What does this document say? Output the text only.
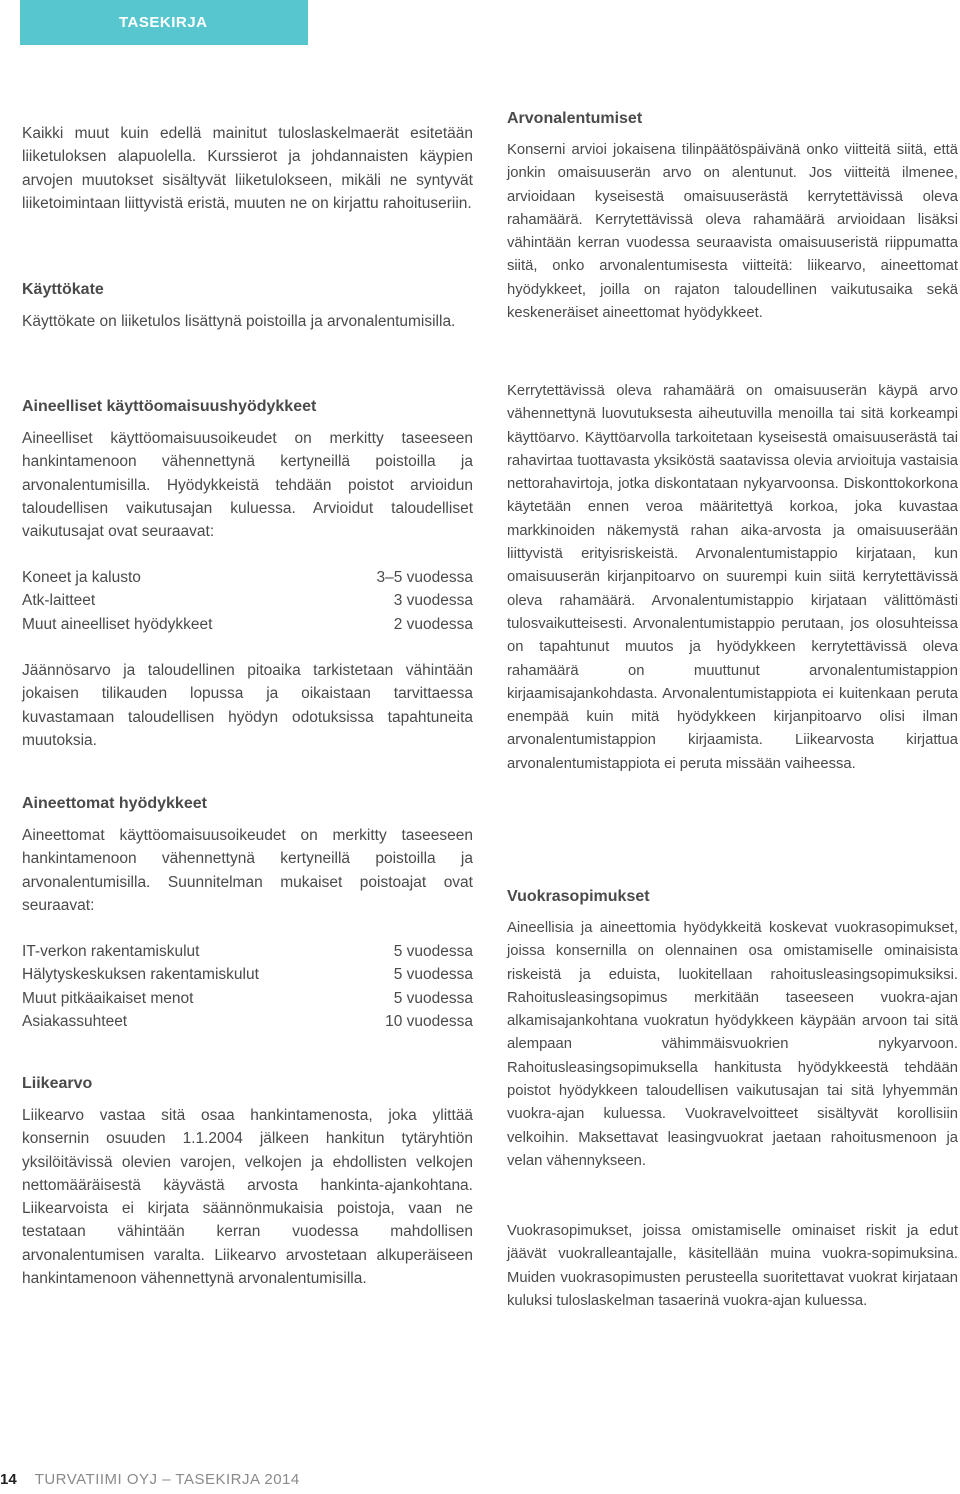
TASEKIRJA

Kaikki muut kuin edellä mainitut tuloslaskelmaerät esitetään liiketuloksen alapuolella. Kurssierot ja johdannaisten käypien arvojen muutokset sisältyvät liiketulokseen, mikäli ne syntyvät liiketoimintaan liittyvistä eristä, muuten ne on kirjattu rahoituseriin.

Käyttökate

Käyttökate on liiketulos lisättynä poistoilla ja arvonalentumisilla.

Aineelliset käyttöomaisuushyödykkeet

Aineelliset käyttöomaisuusoikeudet on merkitty taseeseen hankintamenoon vähennettynä kertyneillä poistoilla ja arvonalentumisilla. Hyödykkeistä tehdään poistot arvioidun taloudellisen vaikutusajan kuluessa. Arvioidut taloudelliset vaikutusajat ovat seuraavat:

Koneet ja kalusto	3–5 vuodessa
Atk-laitteet	3 vuodessa
Muut aineelliset hyödykkeet	2 vuodessa

Jäännösarvo ja taloudellinen pitoaika tarkistetaan vähintään jokaisen tilikauden lopussa ja oikaistaan tarvittaessa kuvastamaan taloudellisen hyödyn odotuksissa tapahtuneita muutoksia.

Aineettomat hyödykkeet

Aineettomat käyttöomaisuusoikeudet on merkitty taseeseen hankintamenoon vähennettynä kertyneillä poistoilla ja arvonalentumisilla. Suunnitelman mukaiset poistoajat ovat seuraavat:

IT-verkon rakentamiskulut	5 vuodessa
Hälytyskeskuksen rakentamiskulut	5 vuodessa
Muut pitkäaikaiset menot	5 vuodessa
Asiakassuhteet	10 vuodessa
Liikearvo

Liikearvo vastaa sitä osaa hankintamenosta, joka ylittää konsernin osuuden 1.1.2004 jälkeen hankitun tytäryhtiön yksilöitävissä olevien varojen, velkojen ja ehdollisten velkojen nettomääräisestä käyvästä arvosta hankinta-ajankohtana. Liikearvoista ei kirjata säännönmukaisia poistoja, vaan ne testataan vähintään kerran vuodessa mahdollisen arvonalentumisen varalta. Liikearvo arvostetaan alkuperäiseen hankintamenoon vähennettynä arvonalentumisilla.

Arvonalentumiset

Konserni arvioi jokaisena tilinpäätöspäivänä onko viitteitä siitä, että jonkin omaisuuserän arvo on alentunut. Jos viitteitä ilmenee, arvioidaan kyseisestä omaisuuserästä kerrytettävissä oleva rahamäärä. Kerrytettävissä oleva rahamäärä arvioidaan lisäksi vähintään kerran vuodessa seuraavista omaisuuseristä riippumatta siitä, onko arvonalentumisesta viitteitä: liikearvo, aineettomat hyödykkeet, joilla on rajaton taloudellinen vaikutusaika sekä keskeneräiset aineettomat hyödykkeet.

Kerrytettävissä oleva rahamäärä on omaisuuserän käypä arvo vähennettynä luovutuksesta aiheutuvilla menoilla tai sitä korkeampi käyttöarvo. Käyttöarvolla tarkoitetaan kyseisestä omaisuuserästä tai rahavirtaa tuottavasta yksiköstä saatavissa olevia arvioituja vastaisia nettorahavirtoja, jotka diskontataan nykyarvoonsa. Diskonttokorkona käytetään ennen veroa määritettyä korkoa, joka kuvastaa markkinoiden näkemystä rahan aika-arvosta ja omaisuuserään liittyvistä erityisriskeistä. Arvonalentumistappio kirjataan, kun omaisuuserän kirjanpitoarvo on suurempi kuin siitä kerrytettävissä oleva rahamäärä. Arvonalentumistappio kirjataan välittömästi tulosvaikutteisesti. Arvonalentumistappio perutaan, jos olosuhteissa on tapahtunut muutos ja hyödykkeen kerrytettävissä oleva rahamäärä on muuttunut arvonalentumistappion kirjaamisajankohdasta. Arvonalentumistappiota ei kuitenkaan peruta enempää kuin mitä hyödykkeen kirjanpitoarvo olisi ilman arvonalentumistappion kirjaamista. Liikearvosta kirjattua arvonalentumistappiota ei peruta missään vaiheessa.

Vuokrasopimukset

Aineellisia ja aineettomia hyödykkeitä koskevat vuokrasopimukset, joissa konsernilla on olennainen osa omistamiselle ominaisista riskeistä ja eduista, luokitellaan rahoitusleasingsopimuksiksi. Rahoitusleasingsopimus merkitään taseeseen vuokra-ajan alkamisajankohtana vuokratun hyödykkeen käypään arvoon tai sitä alempaan vähimmäisvuokrien nykyarvoon. Rahoitusleasingsopimuksella hankitusta hyödykkeestä tehdään poistot hyödykkeen taloudellisen vaikutusajan tai sitä lyhyemmän vuokra-ajan kuluessa. Vuokravelvoitteet sisältyvät korollisiin velkoihin. Maksettavat leasingvuokrat jaetaan rahoitusmenoon ja velan vähennykseen.

Vuokrasopimukset, joissa omistamiselle ominaiset riskit ja edut jäävät vuokralleantajalle, käsitellään muina vuokra-sopimuksina. Muiden vuokrasopimusten perusteella suoritettavat vuokrat kirjataan kuluksi tuloslaskelman tasaerinä vuokra-ajan kuluessa.

14 TURVATIIMI OYJ – TASEKIRJA 2014
